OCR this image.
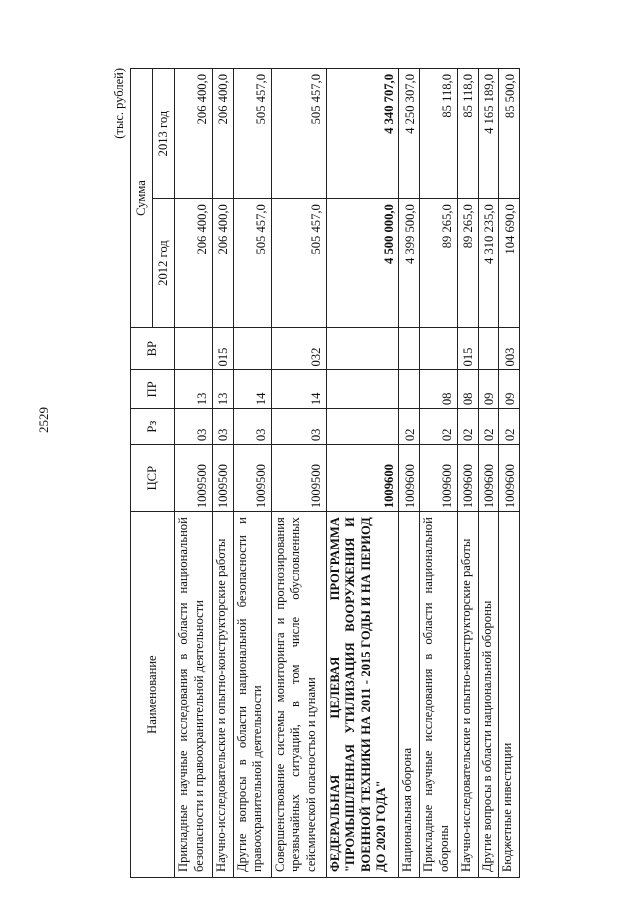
2529
(тыс. рублей)
Наименование	ЦСР	Рз	ПР	ВР	Сумма	
					2012 год	2013 год
Прикладные научные исследования в области национальной безопасности и правоохранительной деятельности	1009500	03	13		206 400,0	206 400,0
Научно-исследовательские и опытно-конструкторские работы	1009500	03	13	015	206 400,0	206 400,0
Другие вопросы в области национальной безопасности и правоохранительной деятельности	1009500	03	14		505 457,0	505 457,0
Совершенствование системы мониторинга и прогнозирования чрезвычайных ситуаций, в том числе обусловленных сейсмической опасностью и цунами	1009500	03	14	032	505 457,0	505 457,0
ФЕДЕРАЛЬНАЯ ЦЕЛЕВАЯ ПРОГРАММА "ПРОМЫШЛЕННАЯ УТИЛИЗАЦИЯ ВООРУЖЕНИЯ И ВОЕННОЙ ТЕХНИКИ НА 2011 - 2015 ГОДЫ И НА ПЕРИОД ДО 2020 ГОДА"	1009600				4 500 000,0	4 340 707,0
Национальная оборона	1009600	02			4 399 500,0	4 250 307,0
Прикладные научные исследования в области национальной обороны	1009600	02	08		89 265,0	85 118,0
Научно-исследовательские и опытно-конструкторские работы	1009600	02	08	015	89 265,0	85 118,0
Другие вопросы в области национальной обороны	1009600	02	09		4 310 235,0	4 165 189,0
Бюджетные инвестиции	1009600	02	09	003	104 690,0	85 500,0
